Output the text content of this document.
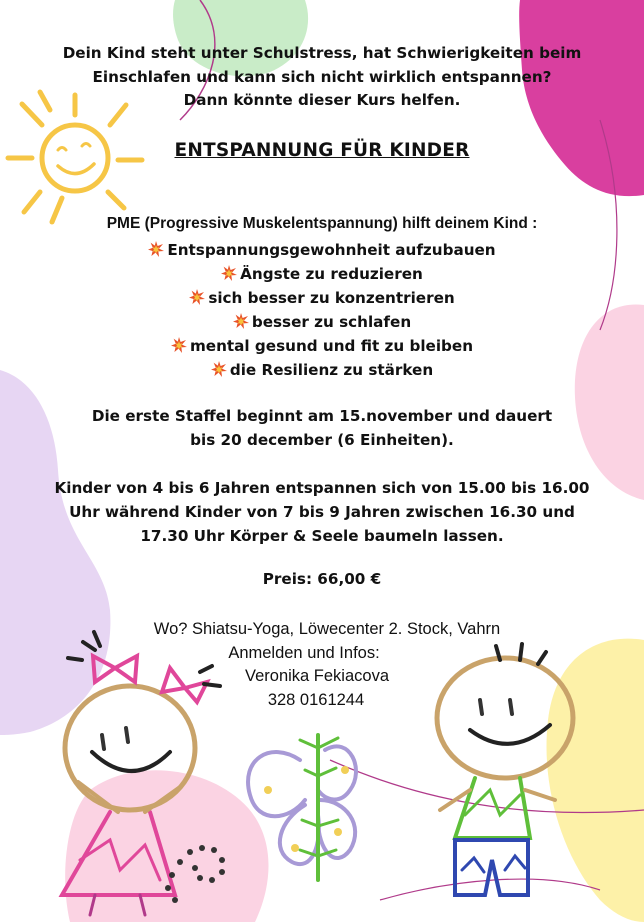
Dein Kind steht unter Schulstress, hat Schwierigkeiten beim
Einschlafen und kann sich nicht wirklich entspannen?
Dann könnte dieser Kurs helfen.
ENTSPANNUNG FÜR KINDER
PME (Progressive Muskelentspannung) hilft deinem Kind :
Entspannungsgewohnheit aufzubauen
Ängste zu reduzieren
sich besser zu konzentrieren
besser zu schlafen
mental gesund und fit zu bleiben
die Resilienz zu stärken
Die erste Staffel beginnt am 15.november und dauert
bis 20 december (6 Einheiten).
Kinder von 4 bis 6 Jahren entspannen sich von 15.00 bis 16.00
Uhr während Kinder von 7 bis 9 Jahren zwischen 16.30 und
17.30 Uhr Körper & Seele baumeln lassen.
Preis: 66,00 €
Wo? Shiatsu-Yoga, Löwecenter 2. Stock, Vahrn
Anmelden und Infos:
Veronika Fekiacova
328 0161244
